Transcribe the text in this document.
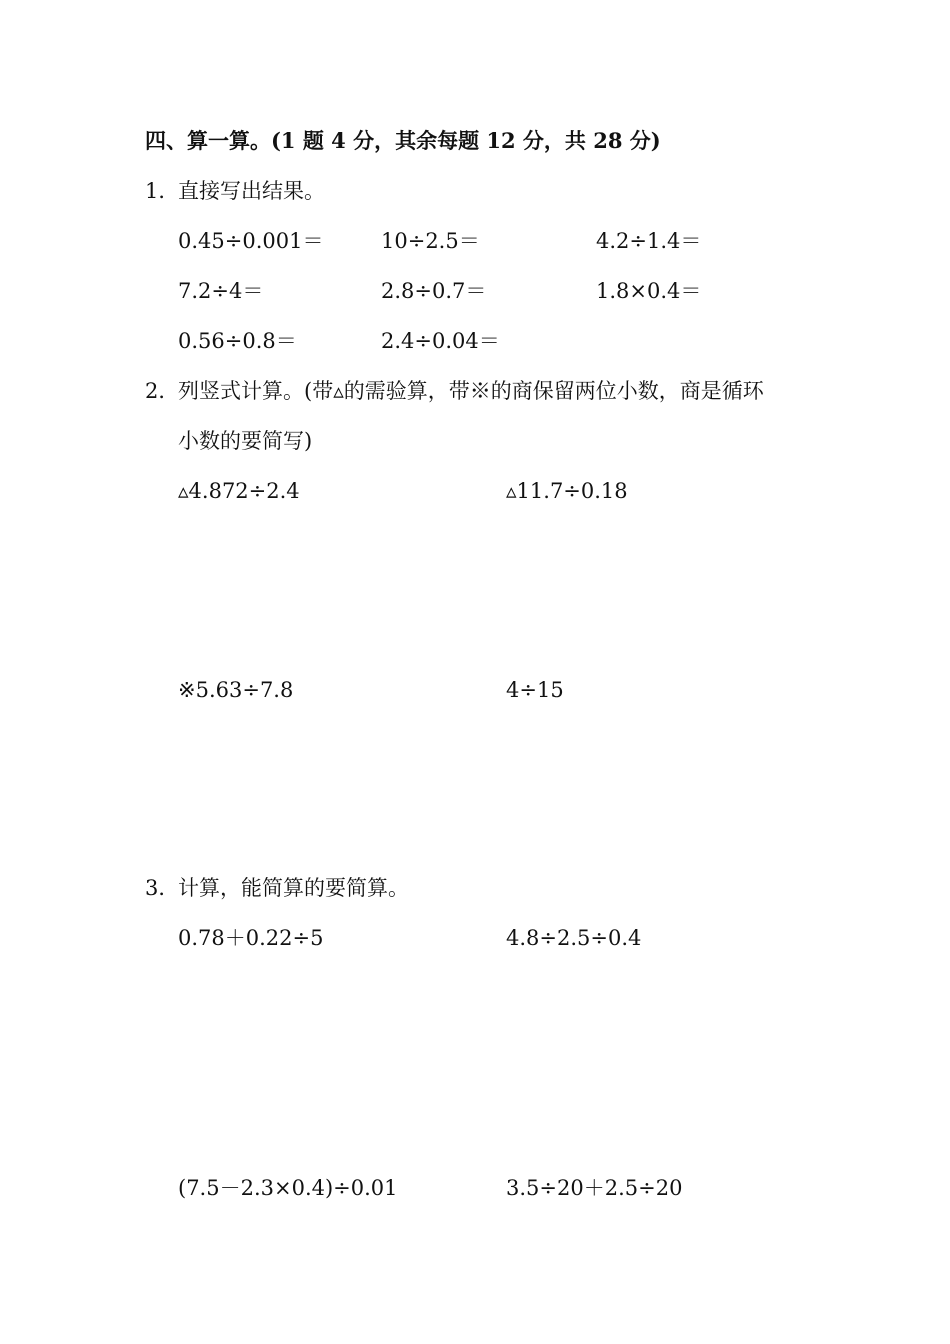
四、算一算。(1 题 4 分，其余每题 12 分，共 28 分)
1．
直接写出结果。
0.45÷0.001＝	10÷2.5＝	4.2÷1.4＝
7.2÷4＝	2.8÷0.7＝	1.8×0.4＝
0.56÷0.8＝	2.4÷0.04＝
2．
列竖式计算。(带▵的需验算，带※的商保留两位小数，商是循环
小数的要简写)
▵4.872÷2.4	▵11.7÷0.18
※5.63÷7.8	4÷15
3．
计算，能简算的要简算。
0.78＋0.22÷5	4.8÷2.5÷0.4
(7.5－2.3×0.4)÷0.01	3.5÷20＋2.5÷20
